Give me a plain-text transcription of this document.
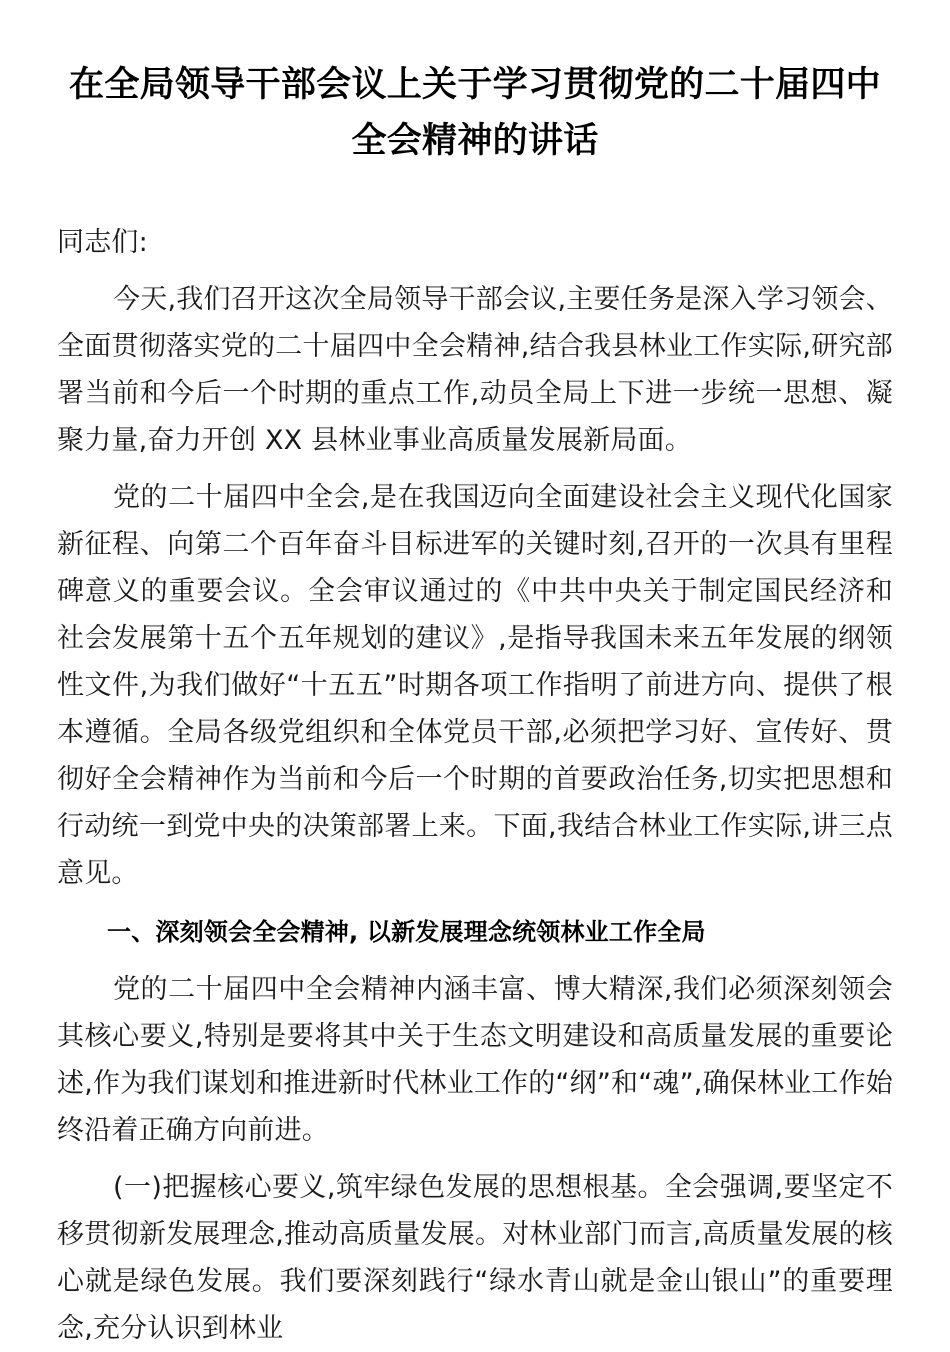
在全局领导干部会议上关于学习贯彻党的二十届四中全会精神的讲话

同志们:

今天,我们召开这次全局领导干部会议,主要任务是深入学习领会、全面贯彻落实党的二十届四中全会精神,结合我县林业工作实际,研究部署当前和今后一个时期的重点工作,动员全局上下进一步统一思想、凝聚力量,奋力开创 XX 县林业事业高质量发展新局面。

党的二十届四中全会,是在我国迈向全面建设社会主义现代化国家新征程、向第二个百年奋斗目标进军的关键时刻,召开的一次具有里程碑意义的重要会议。全会审议通过的《中共中央关于制定国民经济和社会发展第十五个五年规划的建议》,是指导我国未来五年发展的纲领性文件,为我们做好“十五五”时期各项工作指明了前进方向、提供了根本遵循。全局各级党组织和全体党员干部,必须把学习好、宣传好、贯彻好全会精神作为当前和今后一个时期的首要政治任务,切实把思想和行动统一到党中央的决策部署上来。下面,我结合林业工作实际,讲三点意见。

一、深刻领会全会精神, 以新发展理念统领林业工作全局

党的二十届四中全会精神内涵丰富、博大精深,我们必须深刻领会其核心要义,特别是要将其中关于生态文明建设和高质量发展的重要论述,作为我们谋划和推进新时代林业工作的“纲”和“魂”,确保林业工作始终沿着正确方向前进。

(一)把握核心要义,筑牢绿色发展的思想根基。全会强调,要坚定不移贯彻新发展理念,推动高质量发展。对林业部门而言,高质量发展的核心就是绿色发展。我们要深刻践行“绿水青山就是金山银山”的重要理念,充分认识到林业
